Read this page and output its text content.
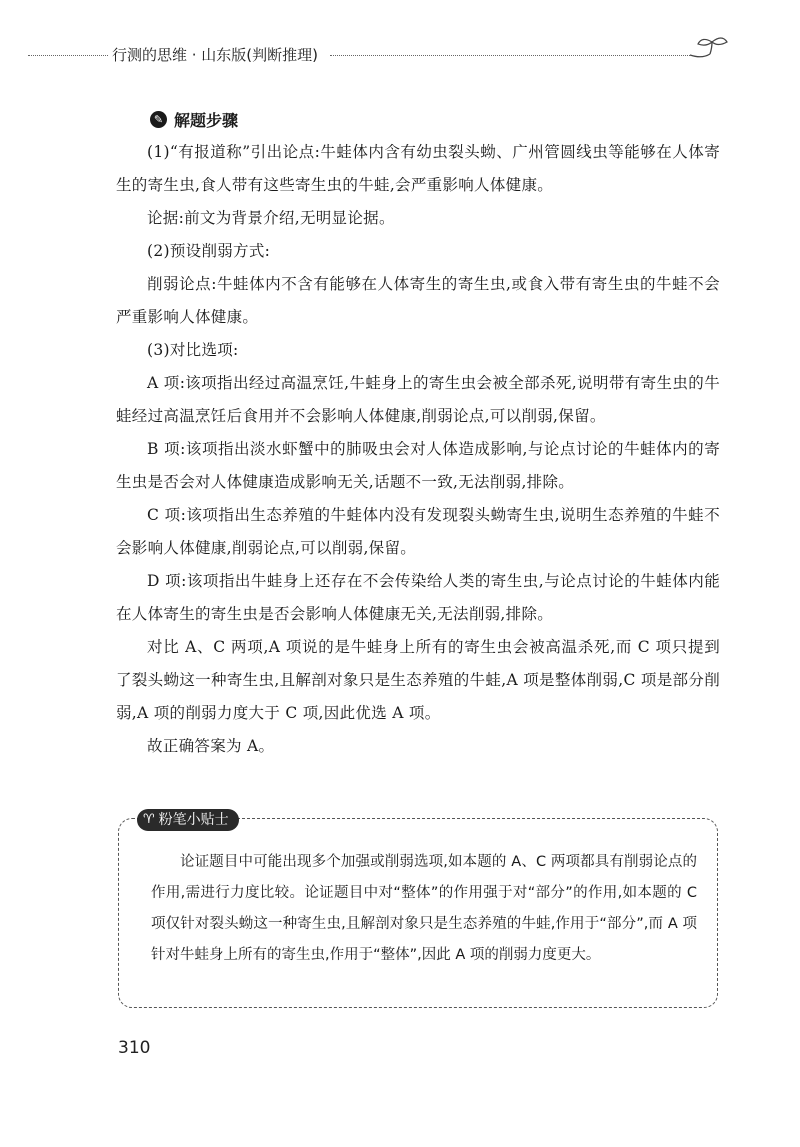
行测的思维 · 山东版(判断推理)
✎ 解题步骤

(1)“有报道称”引出论点:牛蛙体内含有幼虫裂头蚴、广州管圆线虫等能够在人体寄生的寄生虫,食人带有这些寄生虫的牛蛙,会严重影响人体健康。

论据:前文为背景介绍,无明显论据。

(2)预设削弱方式:

削弱论点:牛蛙体内不含有能够在人体寄生的寄生虫,或食入带有寄生虫的牛蛙不会严重影响人体健康。

(3)对比选项:

A 项:该项指出经过高温烹饪,牛蛙身上的寄生虫会被全部杀死,说明带有寄生虫的牛蛙经过高温烹饪后食用并不会影响人体健康,削弱论点,可以削弱,保留。

B 项:该项指出淡水虾蟹中的肺吸虫会对人体造成影响,与论点讨论的牛蛙体内的寄生虫是否会对人体健康造成影响无关,话题不一致,无法削弱,排除。

C 项:该项指出生态养殖的牛蛙体内没有发现裂头蚴寄生虫,说明生态养殖的牛蛙不会影响人体健康,削弱论点,可以削弱,保留。

D 项:该项指出牛蛙身上还存在不会传染给人类的寄生虫,与论点讨论的牛蛙体内能在人体寄生的寄生虫是否会影响人体健康无关,无法削弱,排除。

对比 A、C 两项,A 项说的是牛蛙身上所有的寄生虫会被高温杀死,而 C 项只提到了裂头蚴这一种寄生虫,且解剖对象只是生态养殖的牛蛙,A 项是整体削弱,C 项是部分削弱,A 项的削弱力度大于 C 项,因此优选 A 项。

故正确答案为 A。

♈ 粉笔小贴士

论证题目中可能出现多个加强或削弱选项,如本题的 A、C 两项都具有削弱论点的作用,需进行力度比较。论证题目中对“整体”的作用强于对“部分”的作用,如本题的 C 项仅针对裂头蚴这一种寄生虫,且解剖对象只是生态养殖的牛蛙,作用于“部分”,而 A 项针对牛蛙身上所有的寄生虫,作用于“整体”,因此 A 项的削弱力度更大。

310
